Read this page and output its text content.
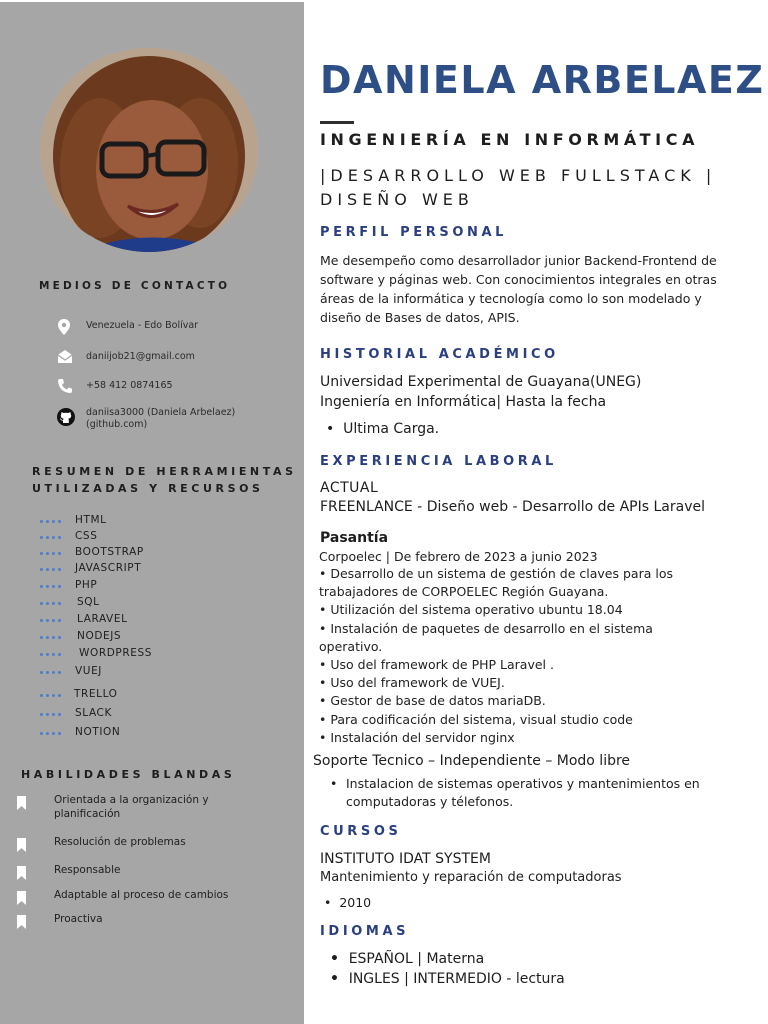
MEDIOS DE CONTACTO
Venezuela - Edo Bolívar
daniijob21@gmail.com
+58 412 0874165
daniisa3000 (Daniela Arbelaez)
(github.com)
RESUMEN DE HERRAMIENTAS
UTILIZADAS Y RECURSOS
HTML
CSS
BOOTSTRAP
JAVASCRIPT
PHP
SQL
LARAVEL
NODEJS
WORDPRESS
VUEJ
TRELLO
SLACK
NOTION
HABILIDADES BLANDAS
Orientada a la organización y planificación
Resolución de problemas
Responsable
Adaptable al proceso de cambios
Proactiva
DANIELA ARBELAEZ
INGENIERÍA EN INFORMÁTICA
|DESARROLLO WEB FULLSTACK |
DISEÑO WEB
PERFIL PERSONAL
Me desempeño como desarrollador junior Backend-Frontend de software y páginas web. Con conocimientos integrales en otras áreas de la informática y tecnología como lo son modelado y diseño de Bases de datos, APIS.
HISTORIAL ACADÉMICO
Universidad Experimental de Guayana(UNEG)
Ingeniería en Informática| Hasta la fecha
•  Ultima Carga.
EXPERIENCIA LABORAL
ACTUAL
FREENLANCE - Diseño web - Desarrollo de APIs Laravel
Pasantía
Corpoelec | De febrero de 2023 a junio 2023
• Desarrollo de un sistema de gestión de claves para los
trabajadores de CORPOELEC Región Guayana.
• Utilización del sistema operativo ubuntu 18.04
• Instalación de paquetes de desarrollo en el sistema
operativo.
• Uso del framework de PHP Laravel .
• Uso del framework de VUEJ.
• Gestor de base de datos mariaDB.
• Para codificación del sistema, visual studio code
• Instalación del servidor nginx
Soporte Tecnico – Independiente – Modo libre
• Instalacion de sistemas operativos y mantenimientos en
computadoras y télefonos.
CURSOS
INSTITUTO IDAT SYSTEM
Mantenimiento y reparación de computadoras
•  2010
IDIOMAS
•  ESPAÑOL | Materna
•  INGLES | INTERMEDIO - lectura
